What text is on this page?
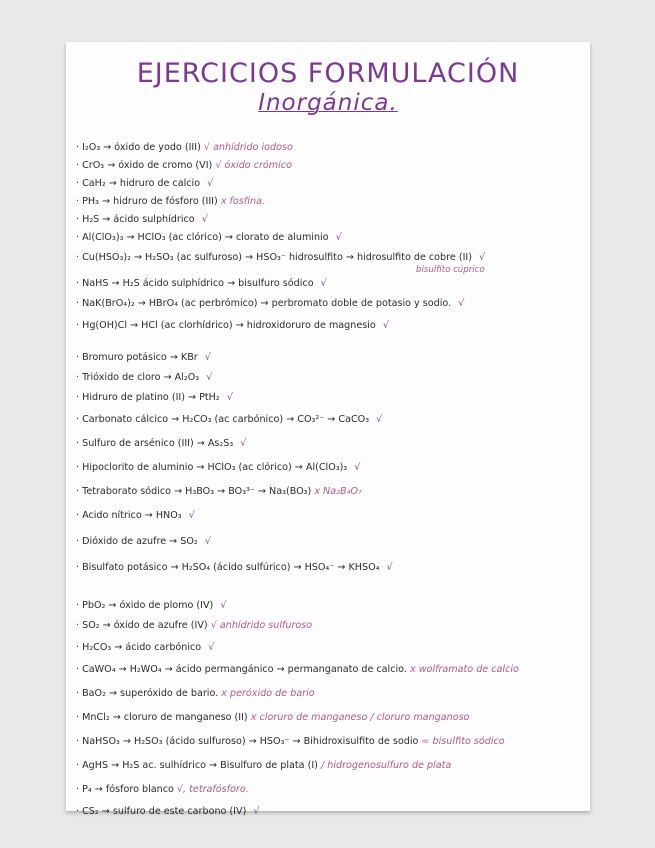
EJERCICIOS FORMULACIÓN
Inorgánica.
· I₂O₃ → óxido de yodo (III) √ anhídrido iodoso
· CrO₃ → óxido de cromo (VI) √ óxido crómico
· CaH₂ → hidruro de calcio √
· PH₃ → hidruro de fósforo (III) x fosfina.
· H₂S → ácido sulphídrico √
· Al(ClO₃)₃ → HClO₃ (ac clórico) → clorato de aluminio √
· Cu(HSO₃)₂ → H₂SO₃ (ac sulfuroso) → HSO₃⁻ hidrosulfito → hidrosulfito de cobre (II) √
bisulfito cúprico
· NaHS → H₂S ácido sulphídrico → bisulfuro sódico √
· NaK(BrO₄)₂ → HBrO₄ (ac perbrómico) → perbromato doble de potasio y sodio. √
· Hg(OH)Cl → HCl (ac clorhídrico) → hidroxidoruro de magnesio √
· Bromuro potásico → KBr √
· Trióxido de cloro → Al₂O₃ √
· Hidruro de platino (II) → PtH₂ √
· Carbonato cálcico → H₂CO₃ (ac carbónico) → CO₃²⁻ → CaCO₃ √
· Sulfuro de arsénico (III) → As₂S₃ √
· Hipoclorito de aluminio → HClO₃ (ac clórico) → Al(ClO₃)₃ √
· Tetraborato sódico → H₃BO₃ → BO₃³⁻ → Na₃(BO₃) x Na₂B₄O₇
· Ácido nítrico → HNO₃ √
· Dióxido de azufre → SO₂ √
· Bisulfato potásico → H₂SO₄ (ácido sulfúrico) → HSO₄⁻ → KHSO₄ √
· PbO₂ → óxido de plomo (IV) √
· SO₂ → óxido de azufre (IV) √ anhídrido sulfuroso
· H₂CO₃ → ácido carbónico √
· CaWO₄ → H₂WO₄ → ácido permangánico → permanganato de calcio. x wolframato de calcio
· BaO₂ → superóxido de bario. x peróxido de bario
· MnCl₂ → cloruro de manganeso (II) x cloruro de manganeso / cloruro manganoso
· NaHSO₃ → H₂SO₃ (ácido sulfuroso) → HSO₃⁻ → Bihidroxisulfito de sodio = bisulfito sódico
· AgHS → H₂S ac. sulhídrico → Bisulfuro de plata (I) / hidrogenosulfuro de plata
· P₄ → fósforo blanco √, tetrafósforo.
· CS₂ → sulfuro de este carbono (IV) √
